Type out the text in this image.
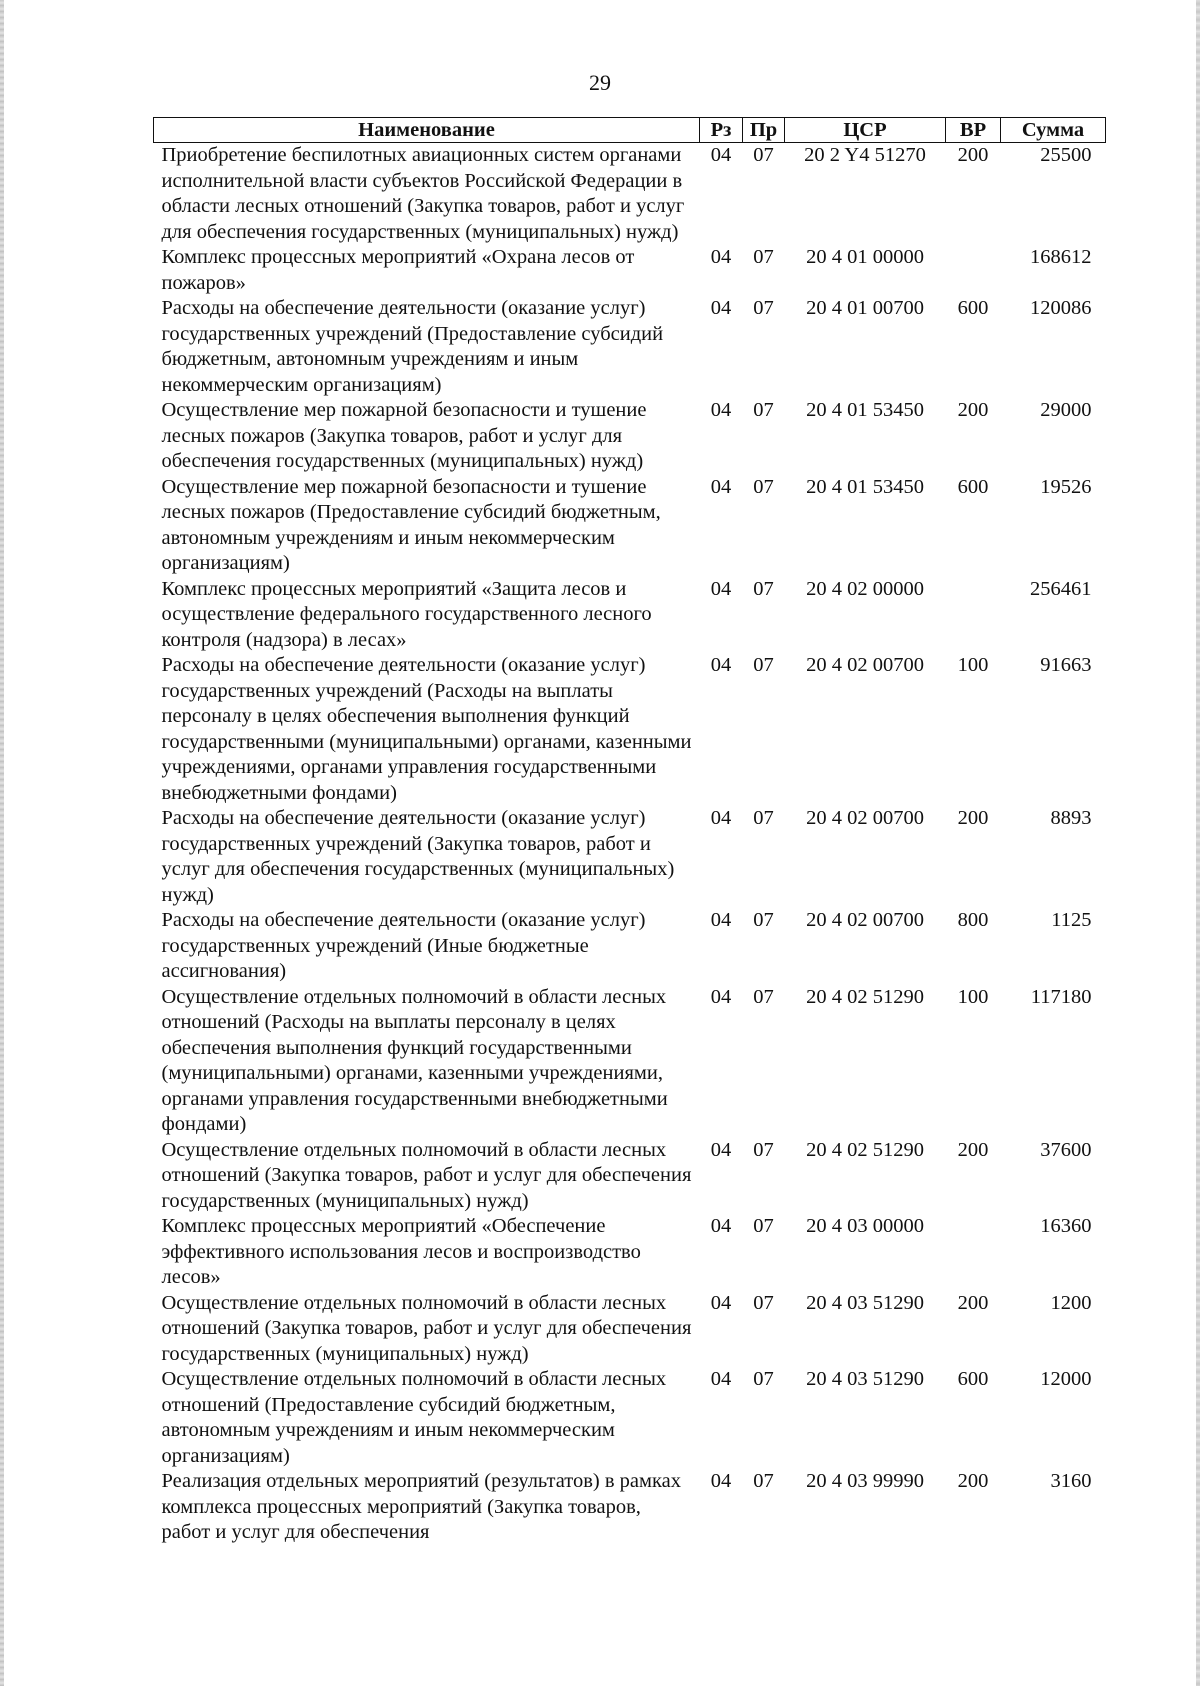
29
Наименование	Рз	Пр	ЦСР	ВР	Сумма
Приобретение беспилотных авиационных систем органами исполнительной власти субъектов Российской Федерации в области лесных отношений (Закупка товаров, работ и услуг для обеспечения государственных (муниципальных) нужд)	04	07	20 2 Y4 51270	200	25500
Комплекс процессных мероприятий «Охрана лесов от пожаров»	04	07	20 4 01 00000		168612
Расходы на обеспечение деятельности (оказание услуг) государственных учреждений (Предоставление субсидий бюджетным, автономным учреждениям и иным некоммерческим организациям)	04	07	20 4 01 00700	600	120086
Осуществление мер пожарной безопасности и тушение лесных пожаров (Закупка товаров, работ и услуг для обеспечения государственных (муниципальных) нужд)	04	07	20 4 01 53450	200	29000
Осуществление мер пожарной безопасности и тушение лесных пожаров (Предоставление субсидий бюджетным, автономным учреждениям и иным некоммерческим организациям)	04	07	20 4 01 53450	600	19526
Комплекс процессных мероприятий «Защита лесов и осуществление федерального государственного лесного контроля (надзора) в лесах»	04	07	20 4 02 00000		256461
Расходы на обеспечение деятельности (оказание услуг) государственных учреждений (Расходы на выплаты персоналу в целях обеспечения выполнения функций государственными (муниципальными) органами, казенными учреждениями, органами управления государственными внебюджетными фондами)	04	07	20 4 02 00700	100	91663
Расходы на обеспечение деятельности (оказание услуг) государственных учреждений (Закупка товаров, работ и услуг для обеспечения государственных (муниципальных) нужд)	04	07	20 4 02 00700	200	8893
Расходы на обеспечение деятельности (оказание услуг) государственных учреждений (Иные бюджетные ассигнования)	04	07	20 4 02 00700	800	1125
Осуществление отдельных полномочий в области лесных отношений (Расходы на выплаты персоналу в целях обеспечения выполнения функций государственными (муниципальными) органами, казенными учреждениями, органами управления государственными внебюджетными фондами)	04	07	20 4 02 51290	100	117180
Осуществление отдельных полномочий в области лесных отношений (Закупка товаров, работ и услуг для обеспечения государственных (муниципальных) нужд)	04	07	20 4 02 51290	200	37600
Комплекс процессных мероприятий «Обеспечение эффективного использования лесов и воспроизводство лесов»	04	07	20 4 03 00000		16360
Осуществление отдельных полномочий в области лесных отношений (Закупка товаров, работ и услуг для обеспечения государственных (муниципальных) нужд)	04	07	20 4 03 51290	200	1200
Осуществление отдельных полномочий в области лесных отношений (Предоставление субсидий бюджетным, автономным учреждениям и иным некоммерческим организациям)	04	07	20 4 03 51290	600	12000
Реализация отдельных мероприятий (результатов) в рамках комплекса процессных мероприятий (Закупка товаров, работ и услуг для обеспечения	04	07	20 4 03 99990	200	3160
